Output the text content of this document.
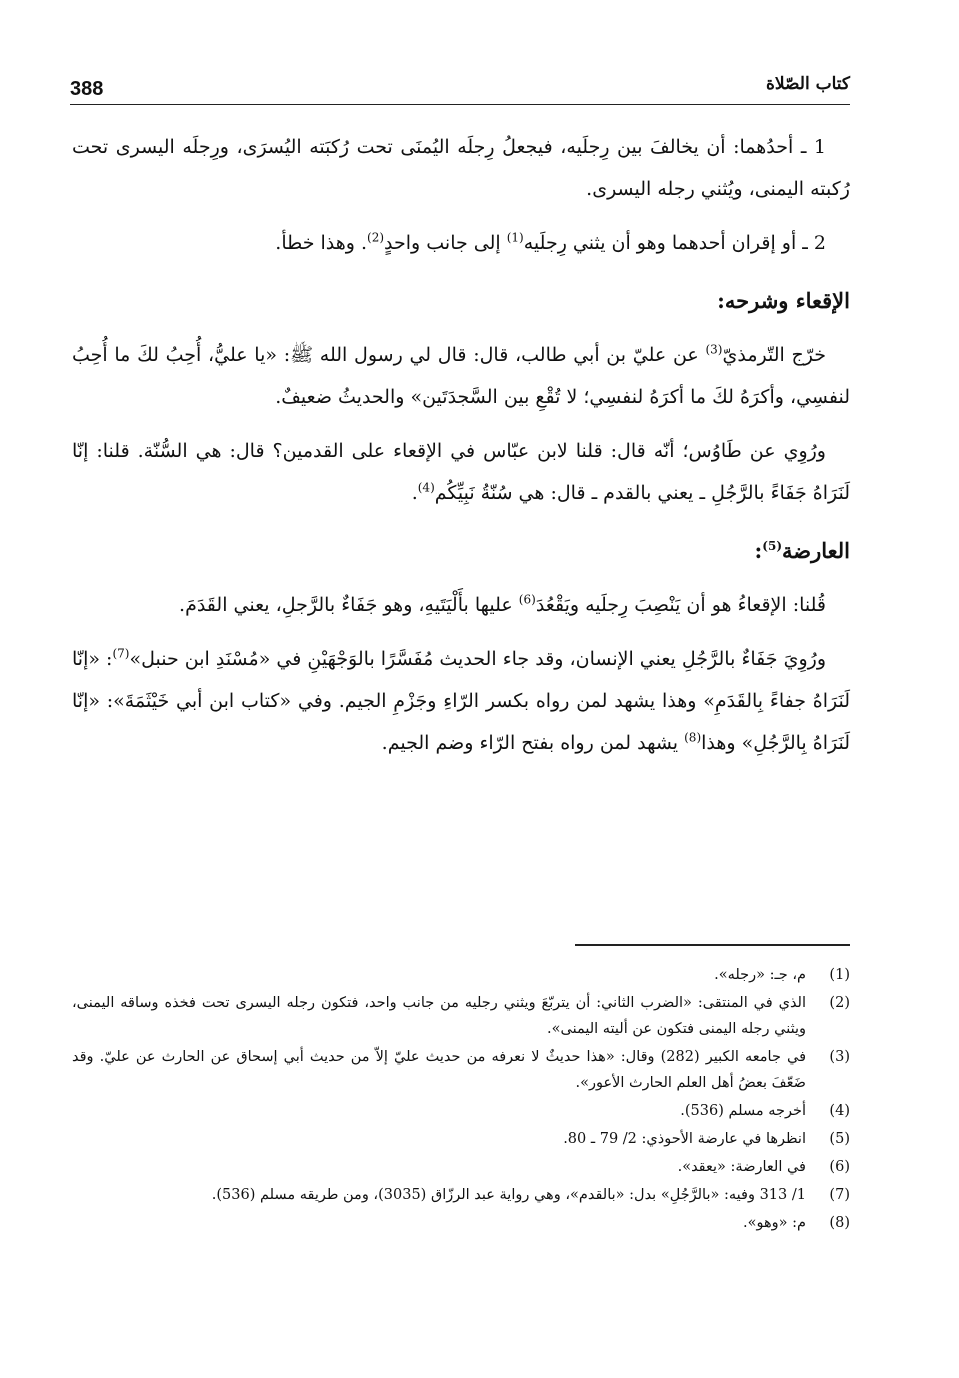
388	كتاب الصّلاة

1 ـ أحدُهما: أن يخالفَ بين رِجلَيه، فيجعلُ رِجلَه اليُمنَى تحت رُكبَته اليُسرَى، ورِجلَه اليسرى تحت رُكبته اليمنى، ويُثني رجله اليسرى.

2 ـ أو إقران أحدهما وهو أن يثني رِجلَيه$^{(1)}$ إلى جانب واحدٍ$^{(2)}$. وهذا خطأ.

الإقعاء وشرحه:

خرّج التّرمذيّ$^{(3)}$ عن عليّ بن أبي طالب، قال: قال لي رسول الله ﷺ: «يا عليُّ، أُحِبُ لكَ ما أُحِبُ لنفسِي، وأكرَهُ لكَ ما أكرَهُ لنفسِي؛ لا تُقْعِ بين السَّجدَتَين» والحديثُ ضعيفٌ.

ورُوِي عن طَاوُس؛ أنّه قال: قلنا لابن عبّاس في الإقعاء على القدمين؟ قال: هي السُّنّة. قلنا: إنّا لَنَرَاهُ جَفَاءً بالرَّجُلِ ـ يعني بالقدم ـ قال: هي سُنّةُ نَبِيِّكُم$^{(4)}$.

العارضة$^{(5)}$:

قُلنا: الإقعاءُ هو أن يَنْصِبَ رِجلَيه ويَقْعُدَ$^{(6)}$ عليها بأَلْيَتَيهِ، وهو جَفَاءٌ بالرَّجلِ، يعني القَدَمَ.

ورُوِيَ جَفَاءٌ بالرَّجُلِ يعني الإنسان، وقد جاء الحديث مُفَسَّرًا بالوَجْهَيْنِ في «مُسْنَدِ ابن حنبل»$^{(7)}$: «إنّا لَنَرَاهُ جفاءً بِالقَدَمِ» وهذا يشهد لمن رواه بكسر الرّاءِ وجَزْمِ الجيم. وفي «كتاب ابن أبي خَيْثَمَةَ»: «إنّا لَنَرَاهُ بِالرَّجُلِ» وهذا$^{(8)}$ يشهد لمن رواه بفتح الرّاء وضم الجيم.

(1)
م، جـ: «رجله».
(2)
الذي في المنتقى: «الضرب الثاني: أن يتربّعَ ويثني رجليه من جانب واحد، فتكون رجله اليسرى تحت فخذه وساقه اليمنى، ويثني رجله اليمنى فتكون عن أليته اليمنى».
(3)
في جامعه الكبير (282) وقال: «هذا حديثٌ لا نعرفه من حديث عليّ إلاّ من حديث أبي إسحاق عن الحارث عن عليّ. وقد ضَعّفَ بعضُ أهل العلم الحارث الأعور».
(4)
أخرجه مسلم (536).
(5)
انظرها في عارضة الأحوذي: 2/ 79 ـ 80.
(6)
في العارضة: «يعقد».
(7)
1/ 313 وفيه: «بالرَّجُلِ» بدل: «بالقدم»، وهي رواية عبد الرزّاق (3035)، ومن طريقه مسلم (536).
(8)
م: «وهو».
